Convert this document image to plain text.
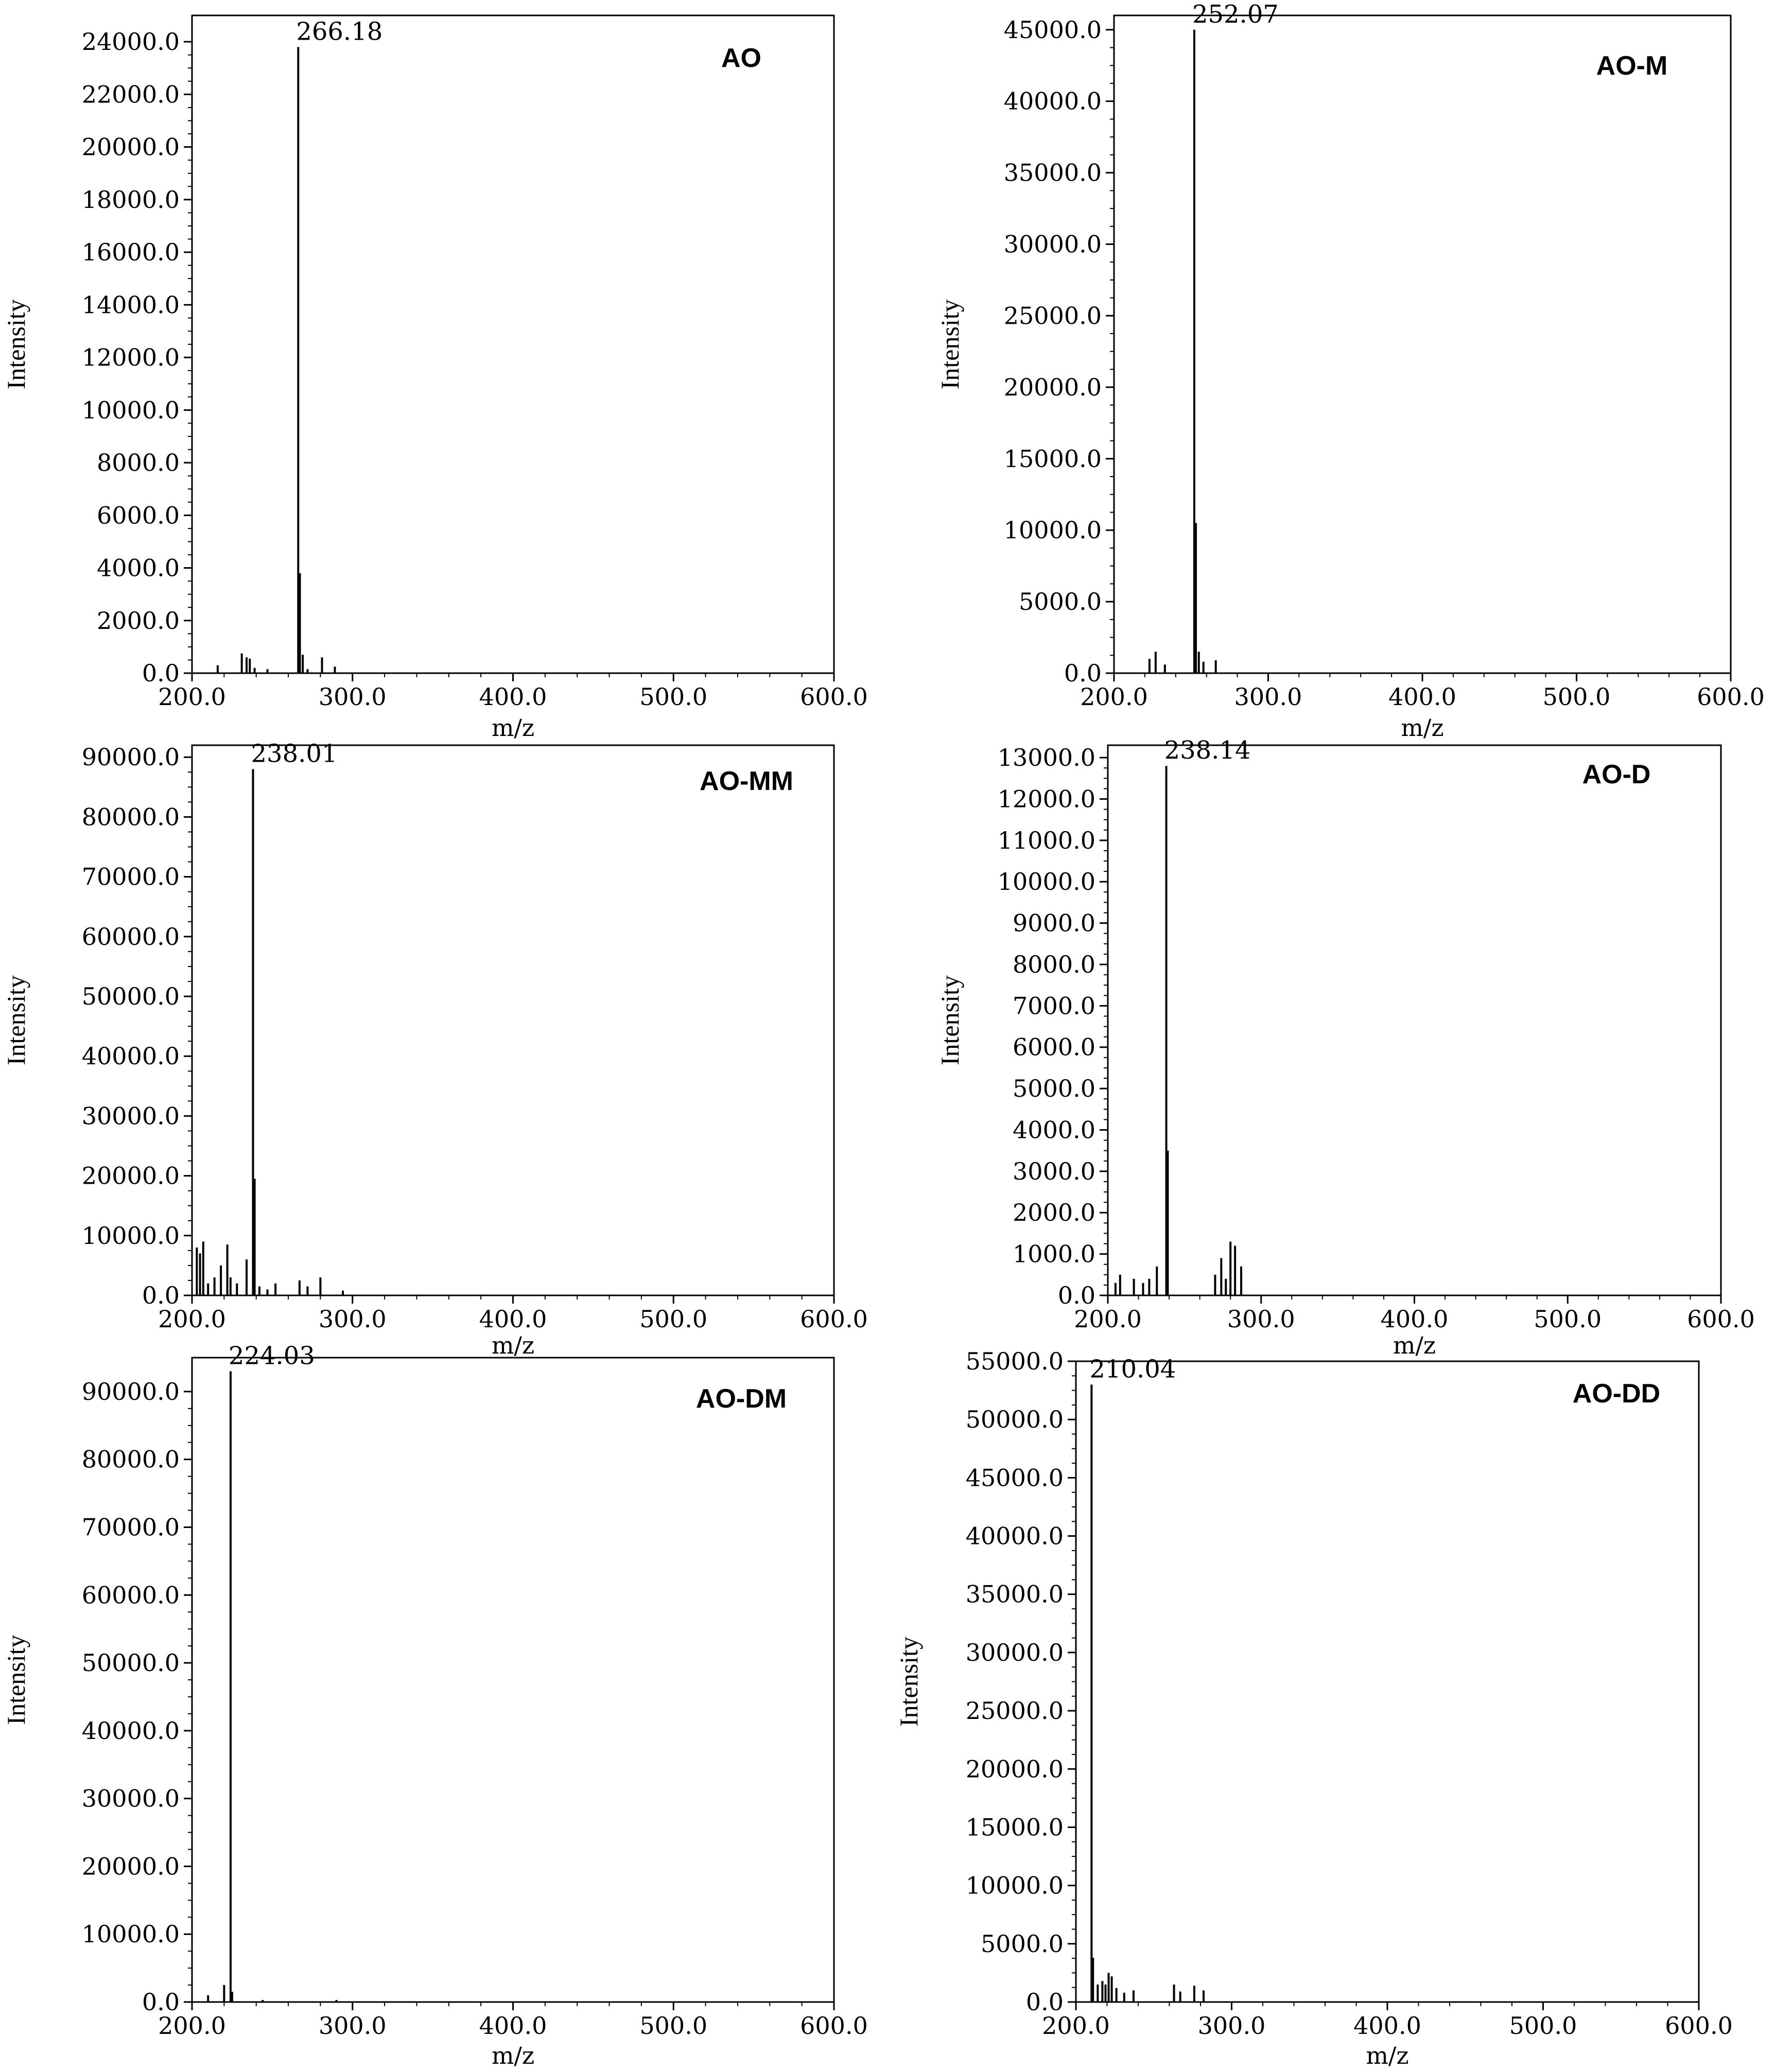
0.0
2000.0
4000.0
6000.0
8000.0
10000.0
12000.0
14000.0
16000.0
18000.0
20000.0
22000.0
24000.0
200.0	300.0	400.0	500.0	600.0
266.18
AO
m/z
Intensity
0.0
5000.0
10000.0
15000.0
20000.0
25000.0
30000.0
35000.0
40000.0
45000.0
200.0	300.0	400.0	500.0	600.0
252.07
AO-M
m/z
Intensity
0.0
10000.0
20000.0
30000.0
40000.0
50000.0
60000.0
70000.0
80000.0
90000.0
200.0	300.0	400.0	500.0	600.0
238.01
AO-MM
m/z
Intensity
0.0
1000.0
2000.0
3000.0
4000.0
5000.0
6000.0
7000.0
8000.0
9000.0
10000.0
11000.0
12000.0
13000.0
200.0	300.0	400.0	500.0	600.0
238.14
AO-D
m/z
Intensity
0.0
10000.0
20000.0
30000.0
40000.0
50000.0
60000.0
70000.0
80000.0
90000.0
200.0	300.0	400.0	500.0	600.0
224.03
AO-DM
m/z
Intensity
0.0
5000.0
10000.0
15000.0
20000.0
25000.0
30000.0
35000.0
40000.0
45000.0
50000.0
55000.0
200.0	300.0	400.0	500.0	600.0
210.04
AO-DD
m/z
Intensity
